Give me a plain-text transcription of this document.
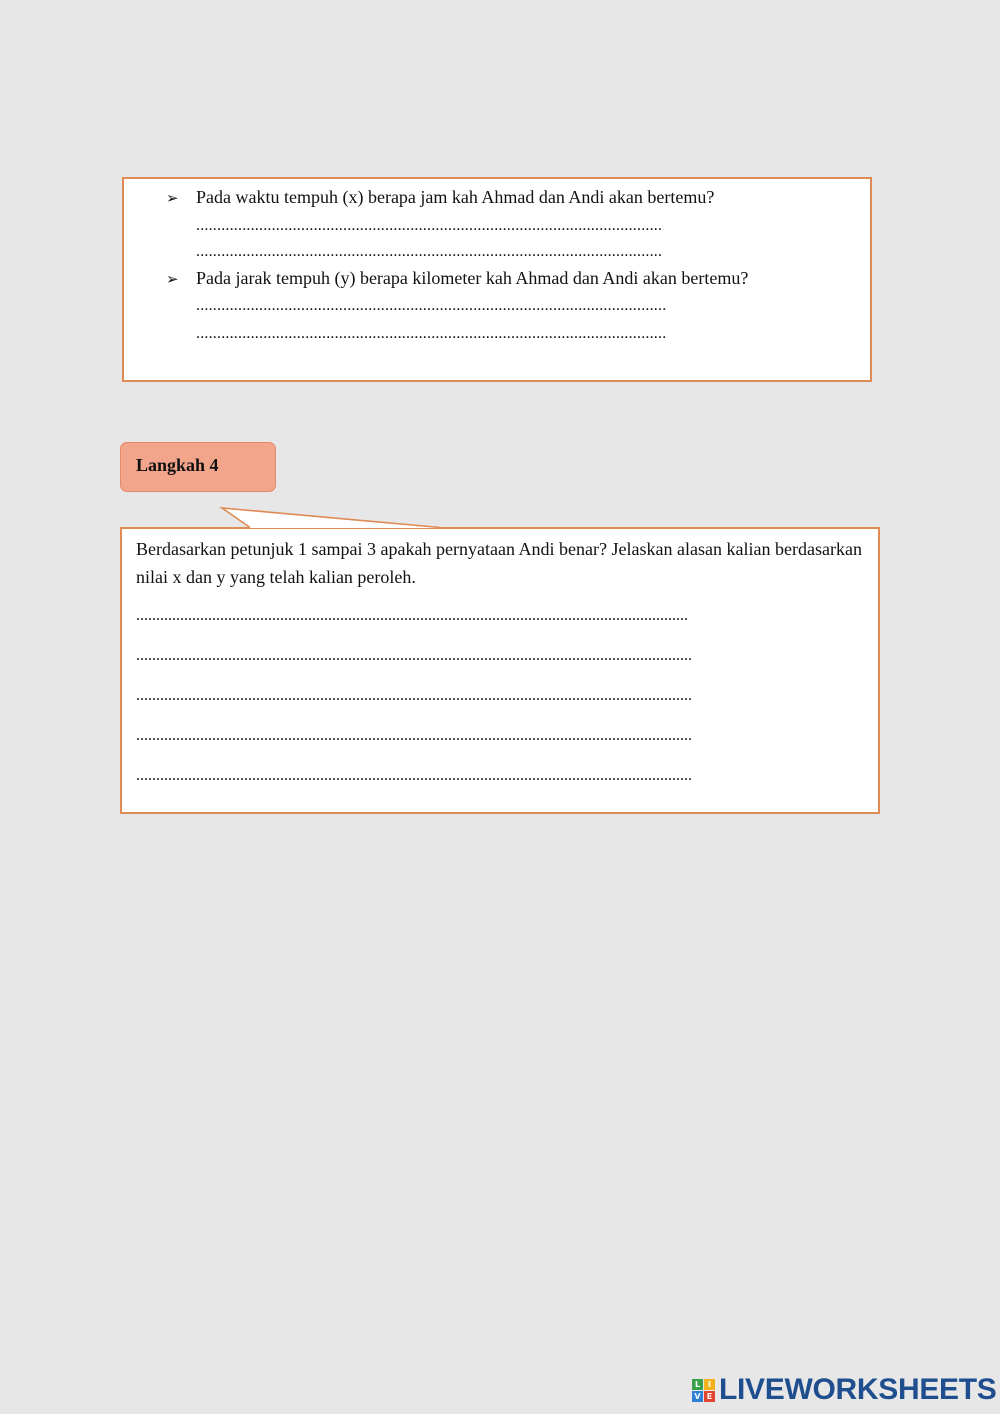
➢ Pada waktu tempuh (x) berapa jam kah Ahmad dan Andi akan bertemu?
...............................................................................................................
...............................................................................................................
➢ Pada jarak tempuh (y) berapa kilometer kah Ahmad dan Andi akan bertemu?
................................................................................................................
................................................................................................................
Langkah 4

Berdasarkan petunjuk 1 sampai 3 apakah pernyataan Andi benar? Jelaskan alasan kalian berdasarkan nilai x dan y yang telah kalian peroleh.

..........................................................................................................................................
...........................................................................................................................................
...........................................................................................................................................
...........................................................................................................................................
...........................................................................................................................................
L I
V E LIVEWORKSHEETS
